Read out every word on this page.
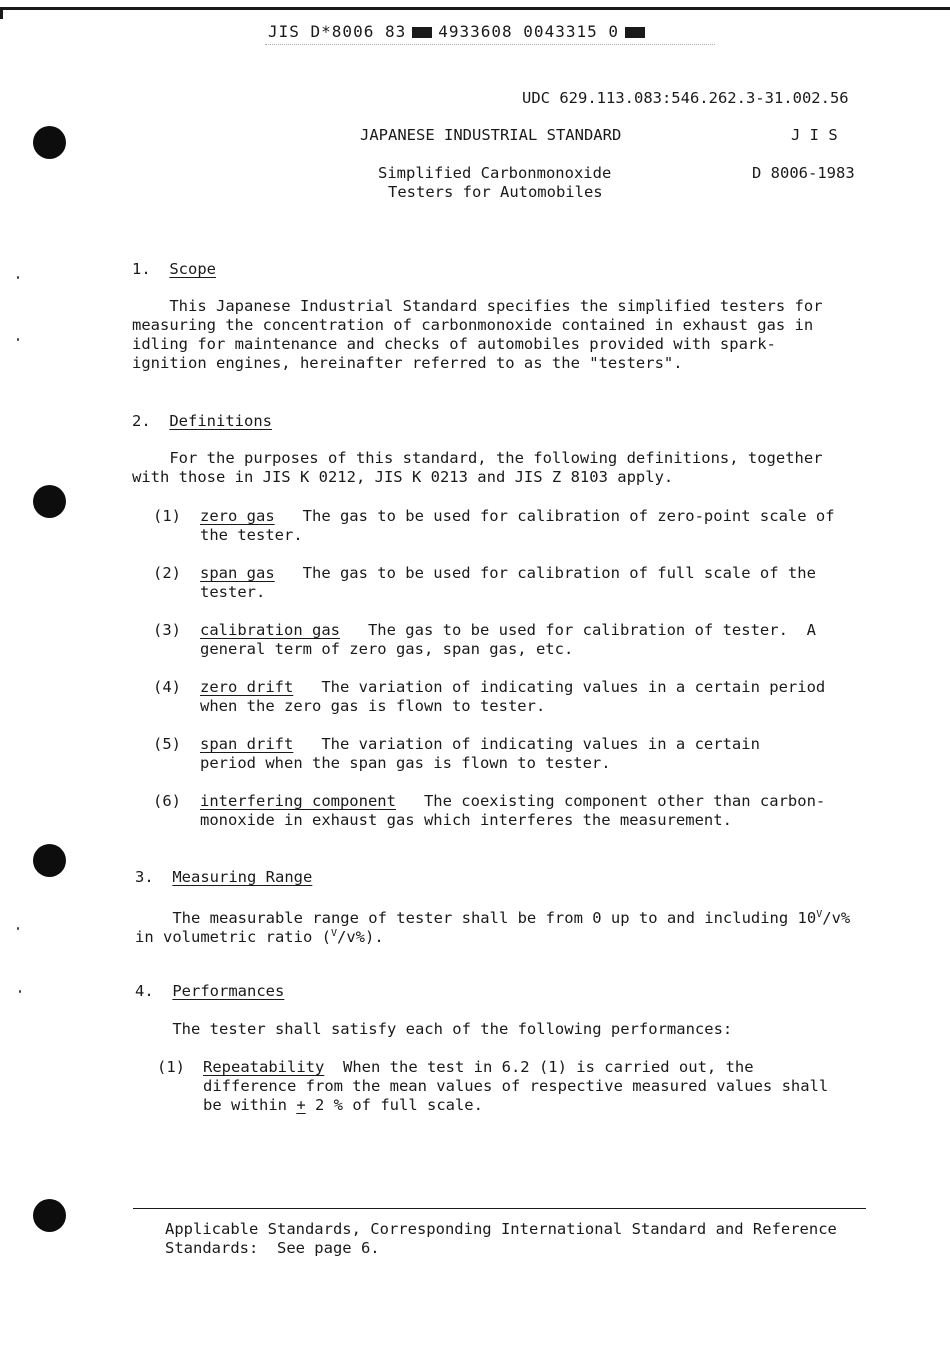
JIS D*8006 83 4933608 0043315 0
UDC 629.113.083:546.262.3-31.002.56
JAPANESE INDUSTRIAL STANDARD	J I S
Simplified Carbonmonoxide
Testers for Automobiles
D 8006-1983
1. Scope
This Japanese Industrial Standard specifies the simplified testers for
measuring the concentration of carbonmonoxide contained in exhaust gas in
idling for maintenance and checks of automobiles provided with spark-
ignition engines, hereinafter referred to as the "testers".
2. Definitions
For the purposes of this standard, the following definitions, together
with those in JIS K 0212, JIS K 0213 and JIS Z 8103 apply.
(1) zero gas   The gas to be used for calibration of zero-point scale of
the tester.
(2) span gas   The gas to be used for calibration of full scale of the
tester.
(3) calibration gas   The gas to be used for calibration of tester.  A
general term of zero gas, span gas, etc.
(4) zero drift   The variation of indicating values in a certain period
when the zero gas is flown to tester.
(5) span drift   The variation of indicating values in a certain
period when the span gas is flown to tester.
(6) interfering component   The coexisting component other than carbon-
monoxide in exhaust gas which interferes the measurement.
3. Measuring Range
The measurable range of tester shall be from 0 up to and including $10^V/v\%$
in volumetric ratio ($^V$/v%).
4. Performances
The tester shall satisfy each of the following performances:
(1) Repeatability  When the test in 6.2 (1) is carried out, the
difference from the mean values of respective measured values shall
be within + 2 % of full scale.
Applicable Standards, Corresponding International Standard and Reference
Standards:  See page 6.
